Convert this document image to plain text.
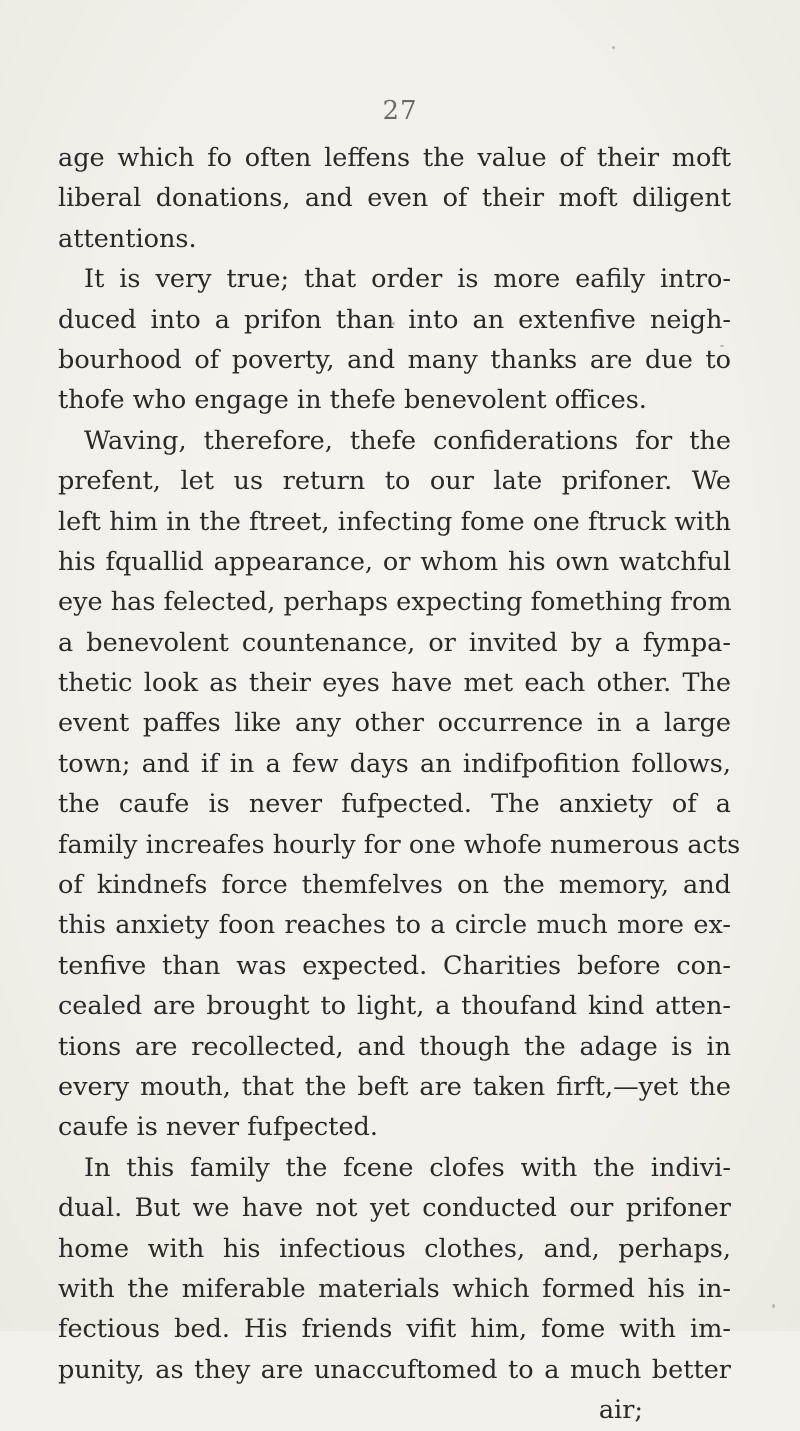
27
age which fo often leffens the value of their moft
liberal donations, and even of their moft diligent
attentions.
It is very true; that order is more eafily intro-
duced into a prifon than into an extenfive neigh-
bourhood of poverty, and many thanks are due to
thofe who engage in thefe benevolent offices.
Waving, therefore, thefe confiderations for the
prefent, let us return to our late prifoner. We
left him in the ftreet, infecting fome one ftruck with
his fquallid appearance, or whom his own watchful
eye has felected, perhaps expecting fomething from
a benevolent countenance, or invited by a fympa-
thetic look as their eyes have met each other. The
event paffes like any other occurrence in a large
town; and if in a few days an indifpofition follows,
the caufe is never fufpected. The anxiety of a
family increafes hourly for one whofe numerous acts
of kindnefs force themfelves on the memory, and
this anxiety foon reaches to a circle much more ex-
tenfive than was expected. Charities before con-
cealed are brought to light, a thoufand kind atten-
tions are recollected, and though the adage is in
every mouth, that the beft are taken firft,—yet the
caufe is never fufpected.
In this family the fcene clofes with the indivi-
dual. But we have not yet conducted our prifoner
home with his infectious clothes, and, perhaps,
with the miferable materials which formed his in-
fectious bed. His friends vifit him, fome with im-
punity, as they are unaccuftomed to a much better
air;
